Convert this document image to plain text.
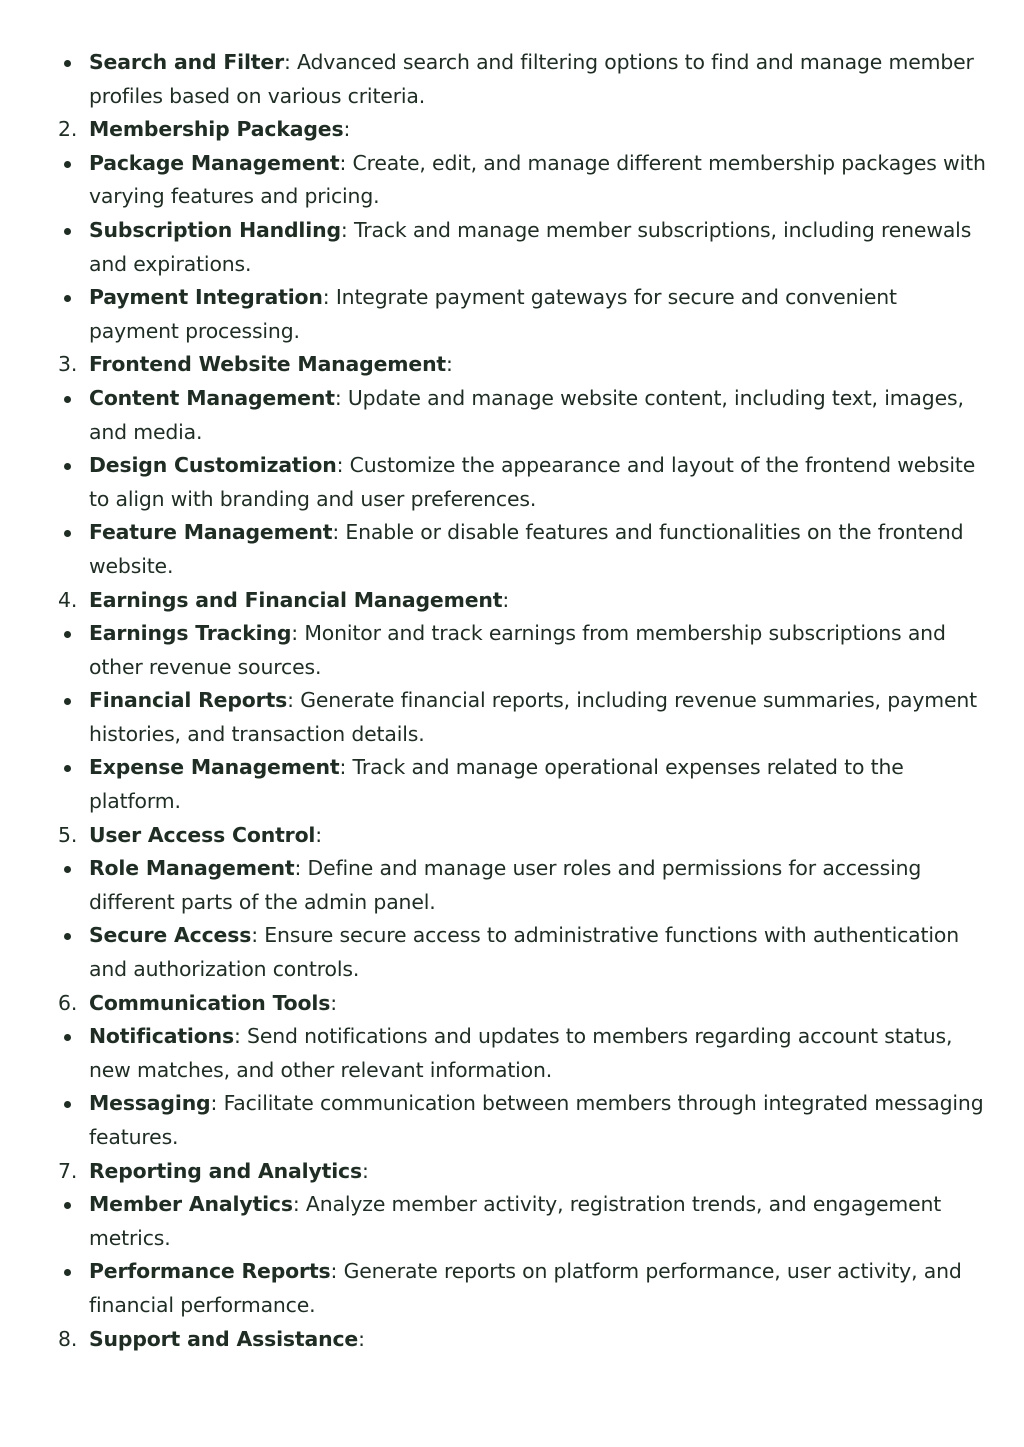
Search and Filter: Advanced search and filtering options to find and manage member profiles based on various criteria.
2. Membership Packages:
Package Management: Create, edit, and manage different membership packages with varying features and pricing.
Subscription Handling: Track and manage member subscriptions, including renewals and expirations.
Payment Integration: Integrate payment gateways for secure and convenient payment processing.
3. Frontend Website Management:
Content Management: Update and manage website content, including text, images, and media.
Design Customization: Customize the appearance and layout of the frontend website to align with branding and user preferences.
Feature Management: Enable or disable features and functionalities on the frontend website.
4. Earnings and Financial Management:
Earnings Tracking: Monitor and track earnings from membership subscriptions and other revenue sources.
Financial Reports: Generate financial reports, including revenue summaries, payment histories, and transaction details.
Expense Management: Track and manage operational expenses related to the platform.
5. User Access Control:
Role Management: Define and manage user roles and permissions for accessing different parts of the admin panel.
Secure Access: Ensure secure access to administrative functions with authentication and authorization controls.
6. Communication Tools:
Notifications: Send notifications and updates to members regarding account status, new matches, and other relevant information.
Messaging: Facilitate communication between members through integrated messaging features.
7. Reporting and Analytics:
Member Analytics: Analyze member activity, registration trends, and engagement metrics.
Performance Reports: Generate reports on platform performance, user activity, and financial performance.
8. Support and Assistance:
